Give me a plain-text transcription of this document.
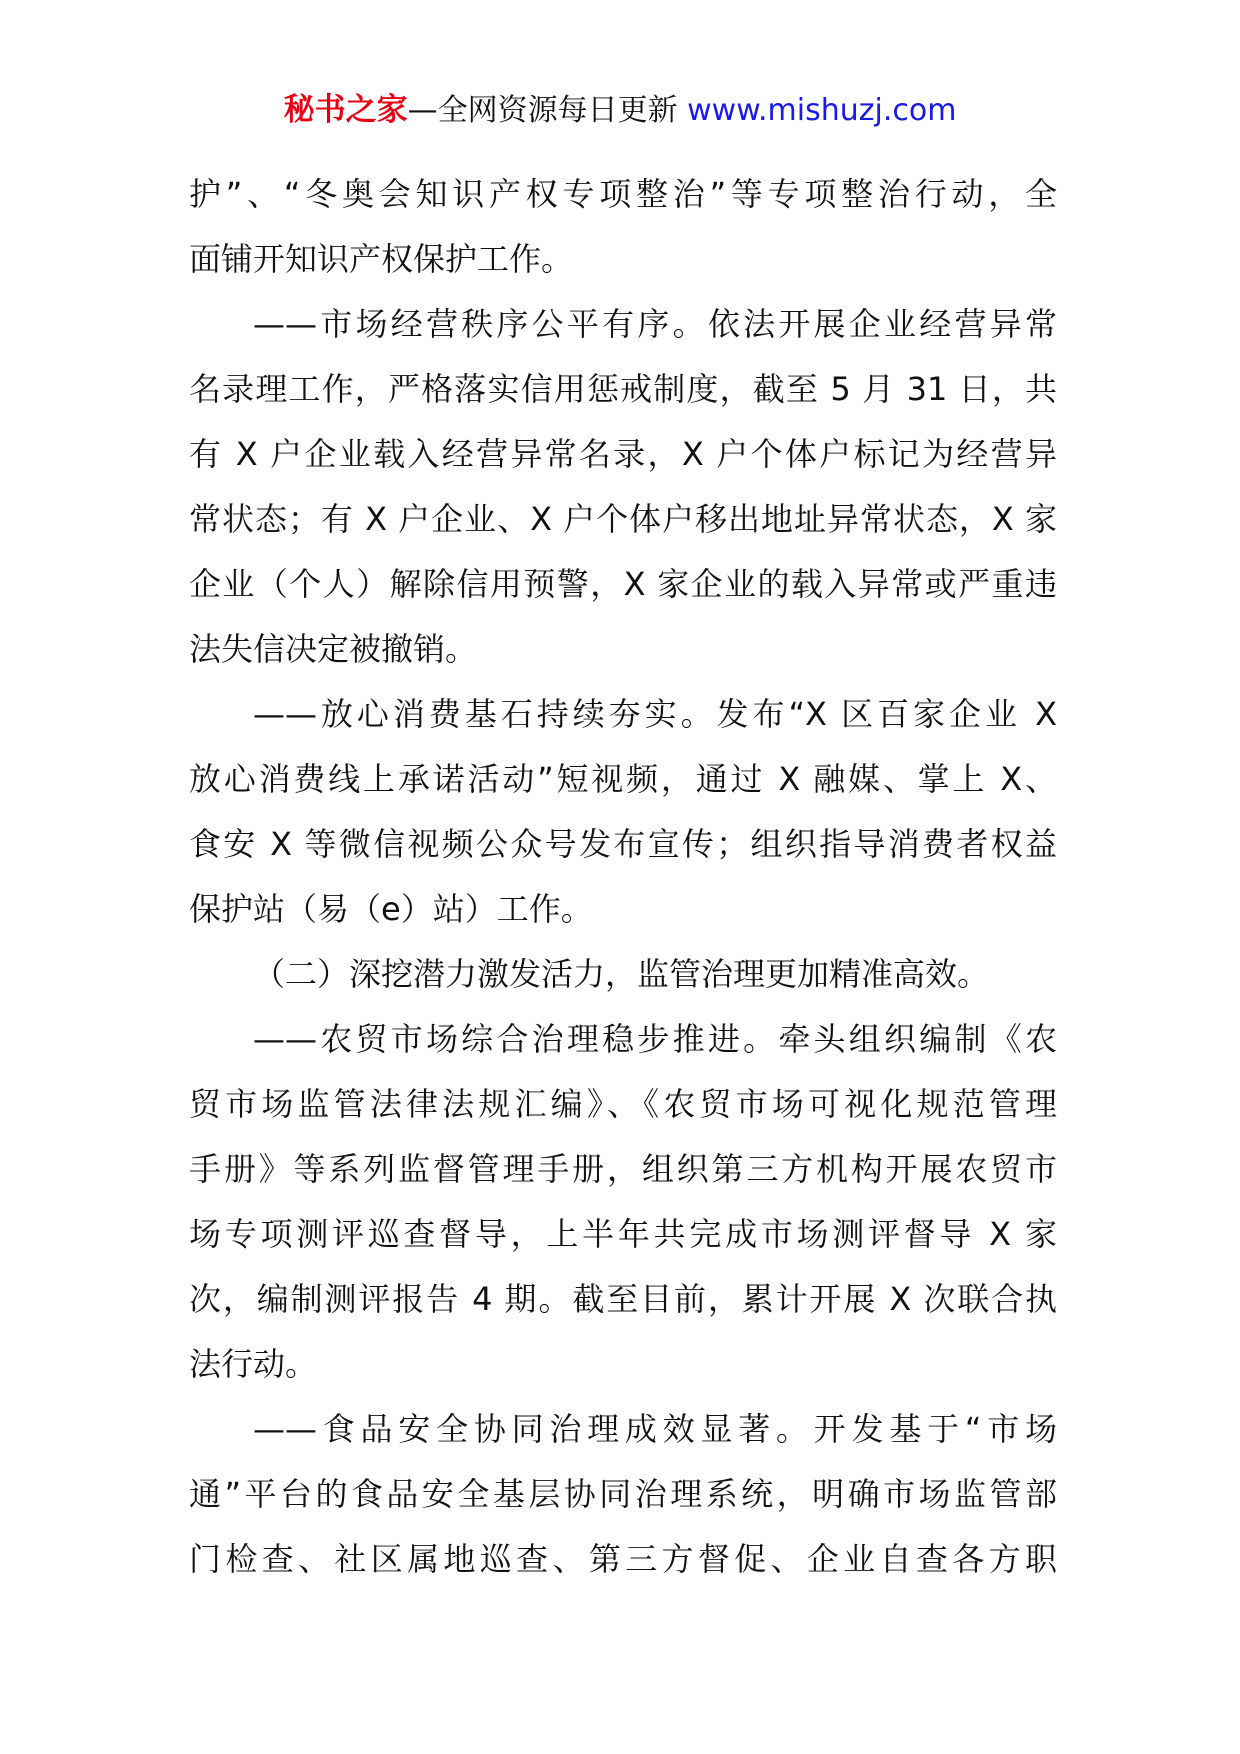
秘书之家—全网资源每日更新 www.mishuzj.com
护”、“冬奥会知识产权专项整治”等专项整治行动，全
面铺开知识产权保护工作。
——市场经营秩序公平有序。依法开展企业经营异常
名录理工作，严格落实信用惩戒制度，截至 5 月 31 日，共
有 X 户企业载入经营异常名录，X 户个体户标记为经营异
常状态；有 X 户企业、X 户个体户移出地址异常状态，X 家
企业（个人）解除信用预警，X 家企业的载入异常或严重违
法失信决定被撤销。
——放心消费基石持续夯实。发布“X 区百家企业 X
放心消费线上承诺活动”短视频，通过 X 融媒、掌上 X、
食安 X 等微信视频公众号发布宣传；组织指导消费者权益
保护站（易（e）站）工作。
（二）深挖潜力激发活力，监管治理更加精准高效。
——农贸市场综合治理稳步推进。牵头组织编制《农
贸市场监管法律法规汇编》、《农贸市场可视化规范管理
手册》等系列监督管理手册，组织第三方机构开展农贸市
场专项测评巡查督导，上半年共完成市场测评督导 X 家
次，编制测评报告 4 期。截至目前，累计开展 X 次联合执
法行动。
——食品安全协同治理成效显著。开发基于“市场
通”平台的食品安全基层协同治理系统，明确市场监管部
门检查、社区属地巡查、第三方督促、企业自查各方职
